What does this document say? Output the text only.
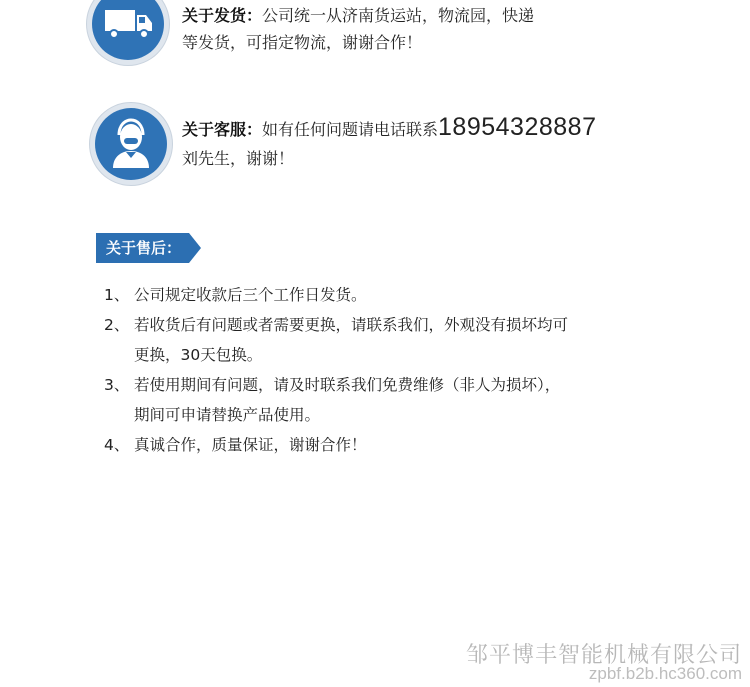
关于发货：公司统一从济南货运站，物流园，快递
等发货，可指定物流，谢谢合作！
关于客服：如有任何问题请电话联系18954328887
刘先生，谢谢！
关于售后：
1、 公司规定收款后三个工作日发货。
2、 若收货后有问题或者需要更换，请联系我们，外观没有损坏均可
更换，30天包换。
3、 若使用期间有问题，请及时联系我们免费维修（非人为损坏），
期间可申请替换产品使用。
4、 真诚合作，质量保证，谢谢合作！
邹平博丰智能机械有限公司
zpbf.b2b.hc360.com
